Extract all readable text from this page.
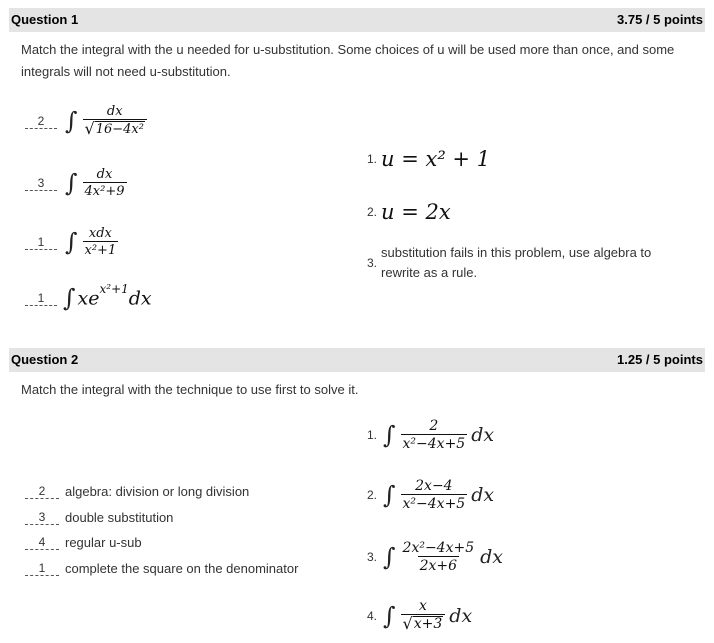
Question 1	3.75 / 5 points
Match the integral with the u needed for u-substitution. Some choices of u will be used more than once, and some integrals will not need u-substitution.
2 ∫ $\frac{dx}{\text{√ 16−4x²}}$
3 ∫ $\frac{dx}{\text{4x²+9}}$
1 ∫ $\frac{\text{xdx}}{\text{x²+1}}$
1 ∫ $xe^{x^2+1}dx$
1. u = x² + 1
2. u = 2x
3.
substitution fails in this problem, use algebra to rewrite as a rule.
Question 2	1.25 / 5 points
Match the integral with the technique to use first to solve it.
2	algebra: division or long division
3	double substitution
4	regular u-sub
1	complete the square on the denominator
1. ∫ $\frac{2}{\text{x²−4x+5}}$ dx
2. ∫ $\frac{2x-4}{\text{x²−4x+5}}$ dx
3. ∫ $\frac{\text{2x²−4x+5}}{2x+6}$ dx
4. ∫ $\frac{x}{√ x+3}$ dx
